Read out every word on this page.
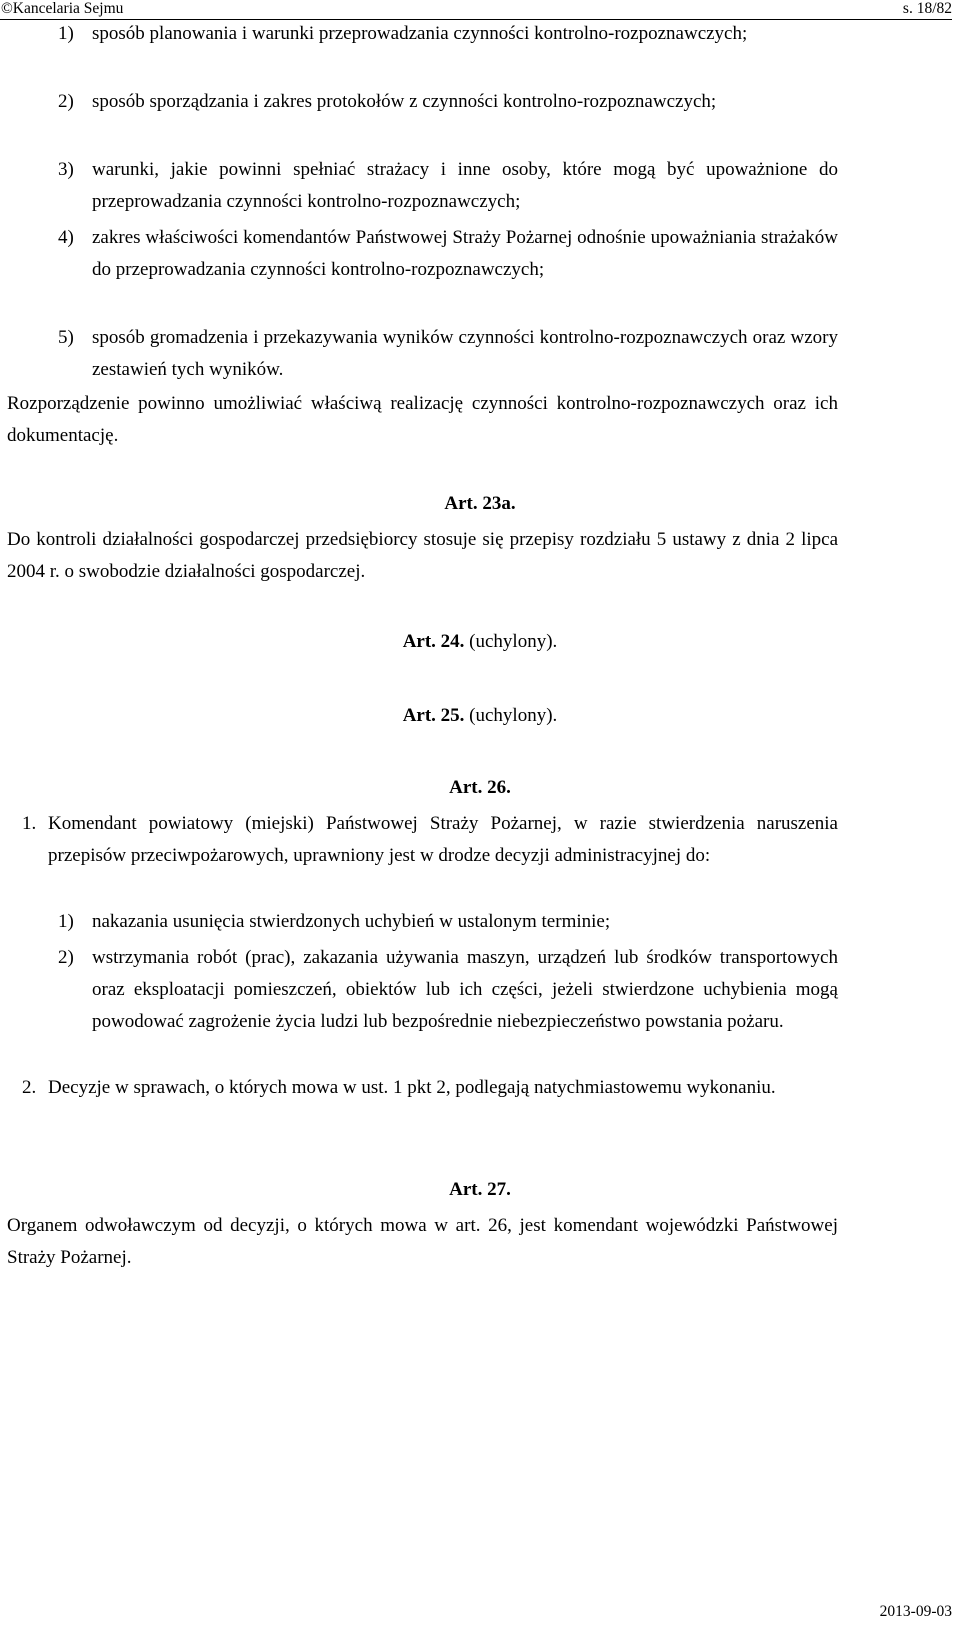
©Kancelaria Sejmu	s. 18/82
1) sposób planowania i warunki przeprowadzania czynności kontrolno-rozpoznawczych;
2) sposób sporządzania i zakres protokołów z czynności kontrolno-rozpoznawczych;
3) warunki, jakie powinni spełniać strażacy i inne osoby, które mogą być upoważnione do przeprowadzania czynności kontrolno-rozpoznawczych;
4) zakres właściwości komendantów Państwowej Straży Pożarnej odnośnie upoważniania strażaków do przeprowadzania czynności kontrolno-rozpoznawczych;
5) sposób gromadzenia i przekazywania wyników czynności kontrolno-rozpoznawczych oraz wzory zestawień tych wyników.
Rozporządzenie powinno umożliwiać właściwą realizację czynności kontrolno-rozpoznawczych oraz ich dokumentację.
Art. 23a.
Do kontroli działalności gospodarczej przedsiębiorcy stosuje się przepisy rozdziału 5 ustawy z dnia 2 lipca 2004 r. o swobodzie działalności gospodarczej.
Art. 24. (uchylony).
Art. 25. (uchylony).
Art. 26.
1. Komendant powiatowy (miejski) Państwowej Straży Pożarnej, w razie stwierdzenia naruszenia przepisów przeciwpożarowych, uprawniony jest w drodze decyzji administracyjnej do:
1) nakazania usunięcia stwierdzonych uchybień w ustalonym terminie;
2) wstrzymania robót (prac), zakazania używania maszyn, urządzeń lub środków transportowych oraz eksploatacji pomieszczeń, obiektów lub ich części, jeżeli stwierdzone uchybienia mogą powodować zagrożenie życia ludzi lub bezpośrednie niebezpieczeństwo powstania pożaru.
2. Decyzje w sprawach, o których mowa w ust. 1 pkt 2, podlegają natychmiastowemu wykonaniu.
Art. 27.
Organem odwoławczym od decyzji, o których mowa w art. 26, jest komendant wojewódzki Państwowej Straży Pożarnej.
2013-09-03
